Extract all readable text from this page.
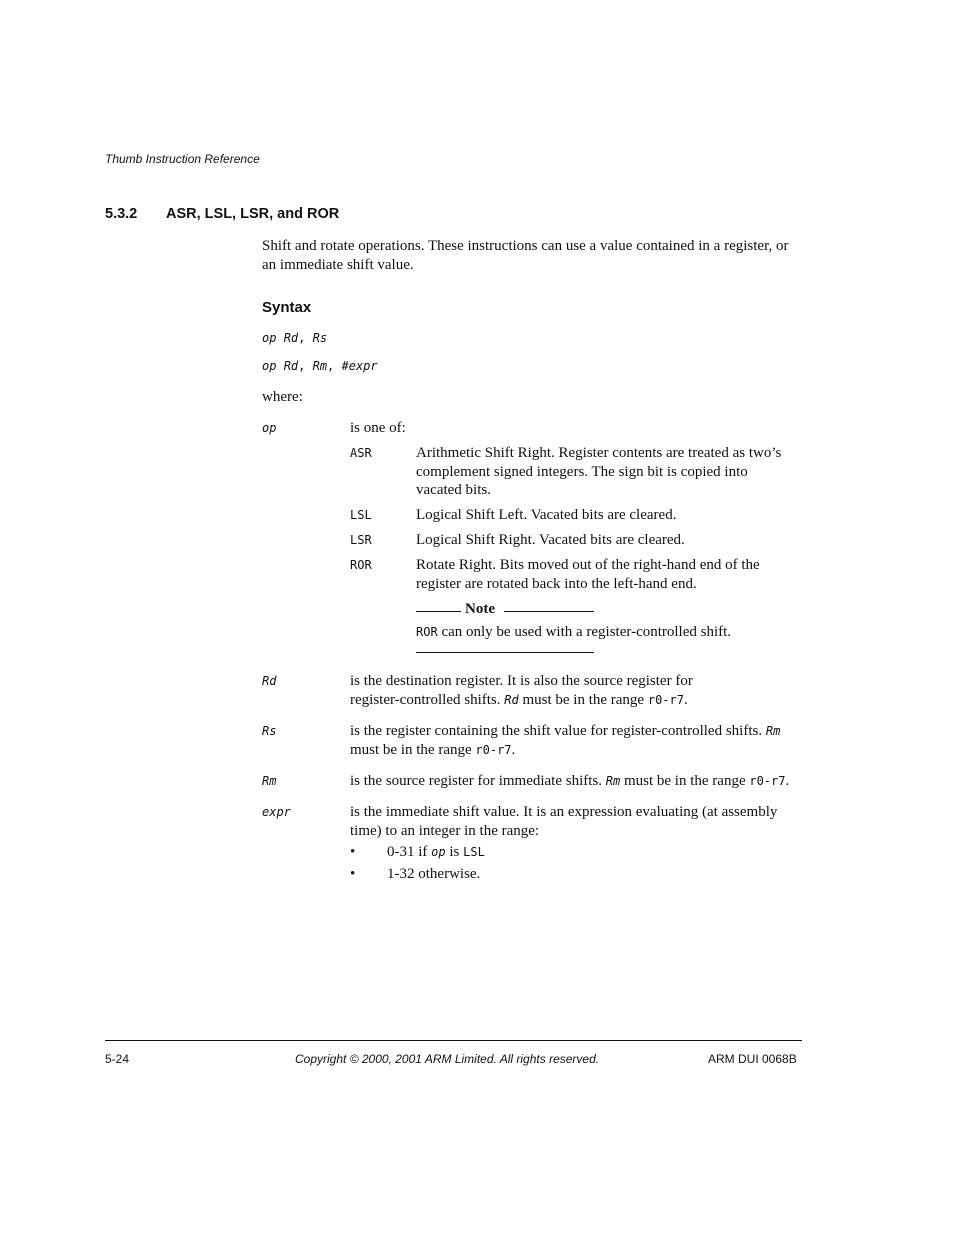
Thumb Instruction Reference
5.3.2 ASR, LSL, LSR, and ROR
Shift and rotate operations. These instructions can use a value contained in a register, or
an immediate shift value.
Syntax
op Rd, Rs
op Rd, Rm, #expr
where:
op	is one of:
ASR	Arithmetic Shift Right. Register contents are treated as two’s
complement signed integers. The sign bit is copied into
vacated bits.
LSL	Logical Shift Left. Vacated bits are cleared.
LSR	Logical Shift Right. Vacated bits are cleared.
ROR	Rotate Right. Bits moved out of the right-hand end of the
register are rotated back into the left-hand end.
Note
ROR can only be used with a register-controlled shift.
Rd	is the destination register. It is also the source register for
register-controlled shifts. Rd must be in the range r0-r7.
Rs	is the register containing the shift value for register-controlled shifts. Rm
must be in the range r0-r7.
Rm	is the source register for immediate shifts. Rm must be in the range r0-r7.
expr	is the immediate shift value. It is an expression evaluating (at assembly
time) to an integer in the range:
• 0-31 if op is LSL
• 1-32 otherwise.
5-24	Copyright © 2000, 2001 ARM Limited. All rights reserved.	ARM DUI 0068B
